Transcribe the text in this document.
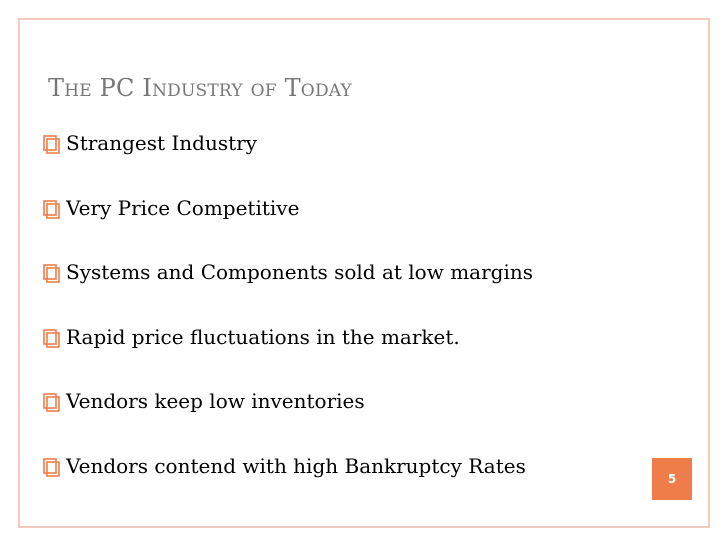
The PC Industry of Today
Strangest Industry
Very Price Competitive
Systems and Components sold at low margins
Rapid price fluctuations in the market.
Vendors keep low inventories
Vendors contend with high Bankruptcy Rates
5
